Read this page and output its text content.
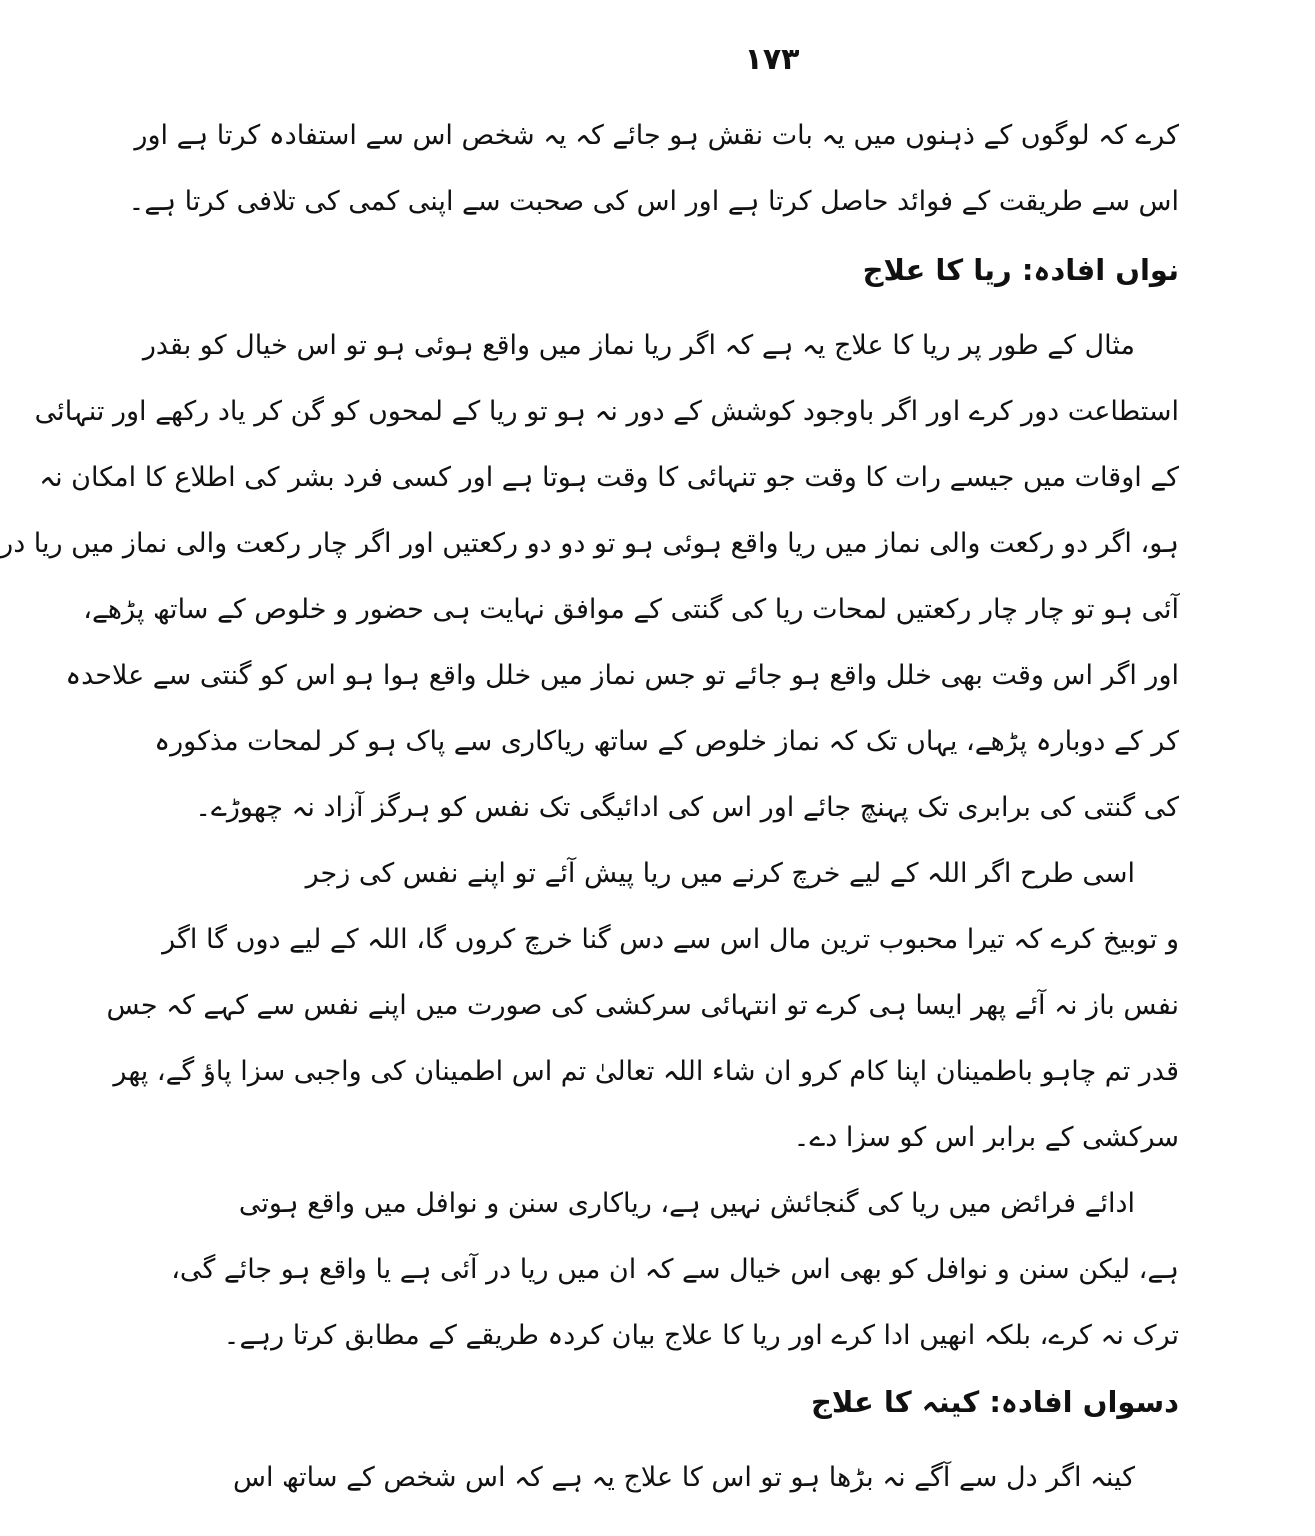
۱۷۳
کرے کہ لوگوں کے ذہنوں میں یہ بات نقش ہو جائے کہ یہ شخص اس سے استفادہ کرتا ہے اور
اس سے طریقت کے فوائد حاصل کرتا ہے اور اس کی صحبت سے اپنی کمی کی تلافی کرتا ہے۔
نواں افادہ: ریا کا علاج
مثال کے طور پر ریا کا علاج یہ ہے کہ اگر ریا نماز میں واقع ہوئی ہو تو اس خیال کو بقدر
استطاعت دور کرے اور اگر باوجود کوشش کے دور نہ ہو تو ریا کے لمحوں کو گن کر یاد رکھے اور تنہائی
کے اوقات میں جیسے رات کا وقت جو تنہائی کا وقت ہوتا ہے اور کسی فرد بشر کی اطلاع کا امکان نہ
ہو، اگر دو رکعت والی نماز میں ریا واقع ہوئی ہو تو دو دو رکعتیں اور اگر چار رکعت والی نماز میں ریا در
آئی ہو تو چار چار رکعتیں لمحات ریا کی گنتی کے موافق نہایت ہی حضور و خلوص کے ساتھ پڑھے،
اور اگر اس وقت بھی خلل واقع ہو جائے تو جس نماز میں خلل واقع ہوا ہو اس کو گنتی سے علاحدہ
کر کے دوبارہ پڑھے، یہاں تک کہ نماز خلوص کے ساتھ ریاکاری سے پاک ہو کر لمحات مذکورہ
کی گنتی کی برابری تک پہنچ جائے اور اس کی ادائیگی تک نفس کو ہرگز آزاد نہ چھوڑے۔
اسی طرح اگر اللہ کے لیے خرچ کرنے میں ریا پیش آئے تو اپنے نفس کی زجر
و توبیخ کرے کہ تیرا محبوب ترین مال اس سے دس گنا خرچ کروں گا، اللہ کے لیے دوں گا اگر
نفس باز نہ آئے پھر ایسا ہی کرے تو انتہائی سرکشی کی صورت میں اپنے نفس سے کہے کہ جس
قدر تم چاہو باطمینان اپنا کام کرو ان شاء اللہ تعالیٰ تم اس اطمینان کی واجبی سزا پاؤ گے، پھر
سرکشی کے برابر اس کو سزا دے۔
ادائے فرائض میں ریا کی گنجائش نہیں ہے، ریاکاری سنن و نوافل میں واقع ہوتی
ہے، لیکن سنن و نوافل کو بھی اس خیال سے کہ ان میں ریا در آئی ہے یا واقع ہو جائے گی،
ترک نہ کرے، بلکہ انھیں ادا کرے اور ریا کا علاج بیان کردہ طریقے کے مطابق کرتا رہے۔
دسواں افادہ: کینہ کا علاج
کینہ اگر دل سے آگے نہ بڑھا ہو تو اس کا علاج یہ ہے کہ اس شخص کے ساتھ اس
